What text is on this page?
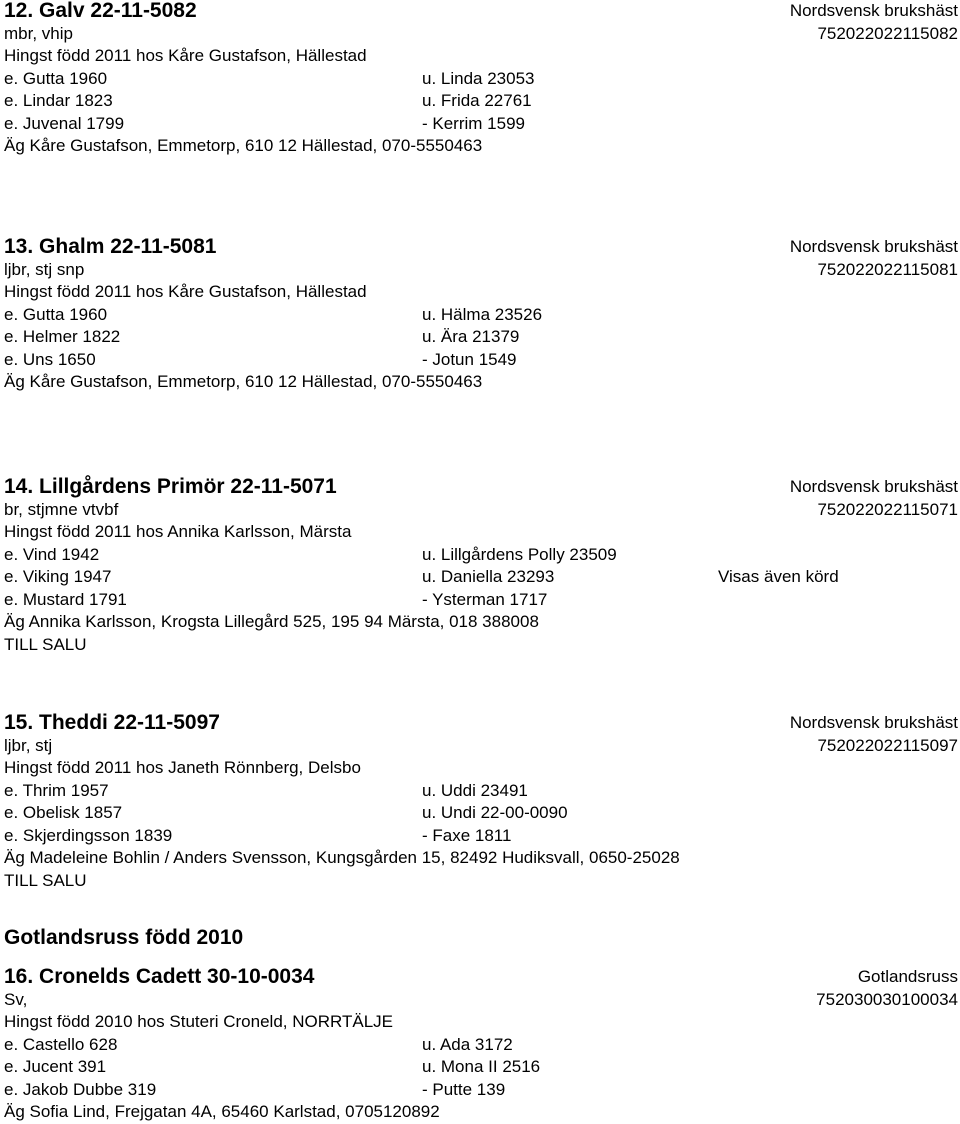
12. Galv 22-11-5082	Nordsvensk brukshäst
mbr, vhip	752022022115082
Hingst född 2011 hos Kåre Gustafson, Hällestad
e. Gutta 1960	u. Linda 23053
e. Lindar 1823	u. Frida 22761
e. Juvenal 1799	- Kerrim 1599
Äg Kåre Gustafson, Emmetorp, 610 12 Hällestad, 070-5550463
13. Ghalm 22-11-5081	Nordsvensk brukshäst
ljbr, stj snp	752022022115081
Hingst född 2011 hos Kåre Gustafson, Hällestad
e. Gutta 1960	u. Hälma 23526
e. Helmer 1822	u. Ära 21379
e. Uns 1650	- Jotun 1549
Äg Kåre Gustafson, Emmetorp, 610 12 Hällestad, 070-5550463
14. Lillgårdens Primör 22-11-5071	Nordsvensk brukshäst
br, stjmne vtvbf	752022022115071
Hingst född 2011 hos Annika Karlsson, Märsta
e. Vind 1942	u. Lillgårdens Polly 23509
e. Viking 1947	u. Daniella 23293	Visas även körd
e. Mustard 1791	- Ysterman 1717
Äg Annika Karlsson, Krogsta Lillegård 525, 195 94 Märsta, 018 388008
TILL SALU
15. Theddi 22-11-5097	Nordsvensk brukshäst
ljbr, stj	752022022115097
Hingst född 2011 hos Janeth Rönnberg, Delsbo
e. Thrim 1957	u. Uddi 23491
e. Obelisk 1857	u. Undi 22-00-0090
e. Skjerdingsson 1839	- Faxe 1811
Äg Madeleine Bohlin / Anders Svensson, Kungsgården 15, 82492 Hudiksvall, 0650-25028
TILL SALU
Gotlandsruss född 2010
16. Cronelds Cadett 30-10-0034	Gotlandsruss
Sv,	752030030100034
Hingst född 2010 hos Stuteri Croneld, NORRTÄLJE
e. Castello 628	u. Ada 3172
e. Jucent 391	u. Mona II 2516
e. Jakob Dubbe 319	- Putte 139
Äg Sofia Lind, Frejgatan 4A, 65460 Karlstad, 0705120892
